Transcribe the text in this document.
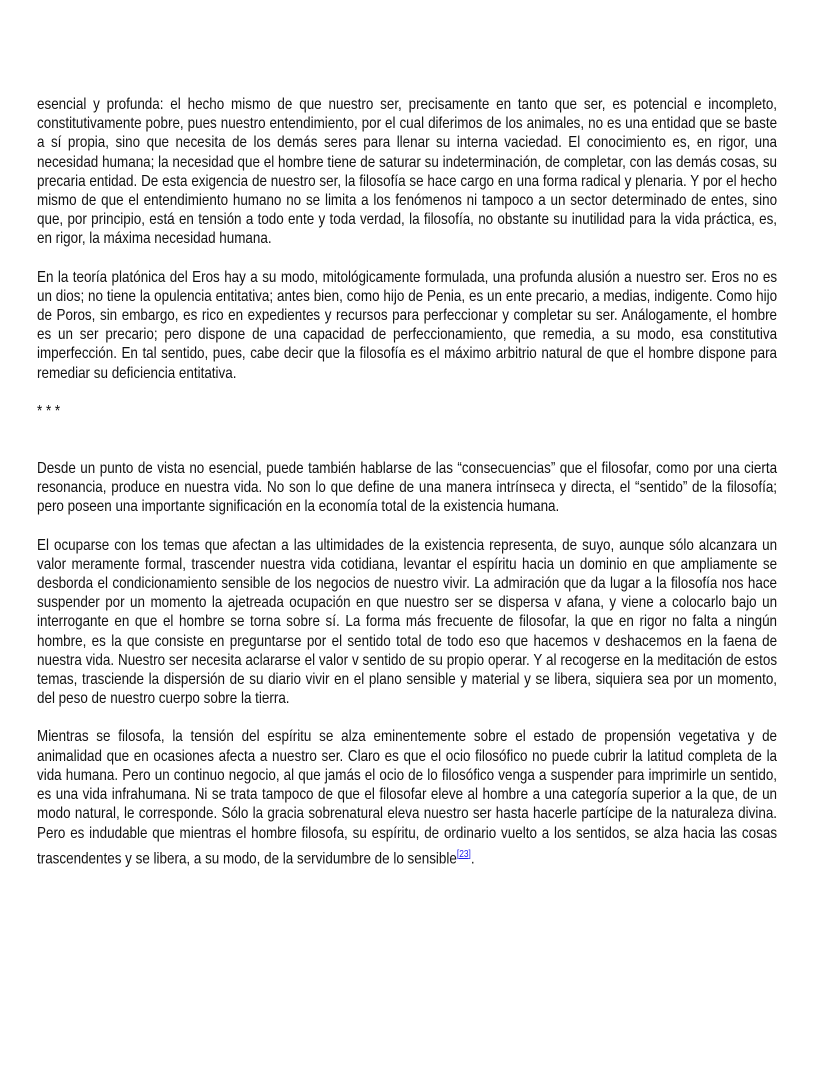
esencial y profunda: el hecho mismo de que nuestro ser, precisamente en tanto que ser, es potencial e incompleto, constitutivamente pobre, pues nuestro entendimiento, por el cual diferimos de los animales, no es una entidad que se baste a sí propia, sino que necesita de los demás seres para llenar su interna vaciedad. El conocimiento es, en rigor, una necesidad humana; la necesidad que el hombre tiene de saturar su indeterminación, de completar, con las demás cosas, su precaria entidad. De esta exigencia de nuestro ser, la filosofía se hace cargo en una forma radical y plenaria. Y por el hecho mismo de que el entendimiento humano no se limita a los fenómenos ni tampoco a un sector determinado de entes, sino que, por principio, está en tensión a todo ente y toda verdad, la filosofía, no obstante su inutilidad para la vida práctica, es, en rigor, la máxima necesidad humana.

En la teoría platónica del Eros hay a su modo, mitológicamente formulada, una profunda alusión a nuestro ser. Eros no es un dios; no tiene la opulencia entitativa; antes bien, como hijo de Penia, es un ente precario, a medias, indigente. Como hijo de Poros, sin embargo, es rico en expedientes y recursos para perfeccionar y completar su ser. Análogamente, el hombre es un ser precario; pero dispone de una capacidad de perfeccionamiento, que remedia, a su modo, esa constitutiva imperfección. En tal sentido, pues, cabe decir que la filosofía es el máximo arbitrio natural de que el hombre dispone para remediar su deficiencia entitativa.

* * *

Desde un punto de vista no esencial, puede también hablarse de las “consecuencias” que el filosofar, como por una cierta resonancia, produce en nuestra vida. No son lo que define de una manera intrínseca y directa, el “sentido” de la filosofía; pero poseen una importante significación en la economía total de la existencia humana.

El ocuparse con los temas que afectan a las ultimidades de la existencia representa, de suyo, aunque sólo alcanzara un valor meramente formal, trascender nuestra vida cotidiana, levantar el espíritu hacia un dominio en que ampliamente se desborda el condicionamiento sensible de los negocios de nuestro vivir. La admiración que da lugar a la filosofía nos hace suspender por un momento la ajetreada ocupación en que nuestro ser se dispersa v afana, y viene a colocarlo bajo un interrogante en que el hombre se torna sobre sí. La forma más frecuente de filosofar, la que en rigor no falta a ningún hombre, es la que consiste en preguntarse por el sentido total de todo eso que hacemos v deshacemos en la faena de nuestra vida. Nuestro ser necesita aclararse el valor v sentido de su propio operar. Y al recogerse en la meditación de estos temas, trasciende la dispersión de su diario vivir en el plano sensible y material y se libera, siquiera sea por un momento, del peso de nuestro cuerpo sobre la tierra.

Mientras se filosofa, la tensión del espíritu se alza eminentemente sobre el estado de propensión vegetativa y de animalidad que en ocasiones afecta a nuestro ser. Claro es que el ocio filosófico no puede cubrir la latitud completa de la vida humana. Pero un continuo negocio, al que jamás el ocio de lo filosófico venga a suspender para imprimirle un sentido, es una vida infrahumana. Ni se trata tampoco de que el filosofar eleve al hombre a una categoría superior a la que, de un modo natural, le corresponde. Sólo la gracia sobrenatural eleva nuestro ser hasta hacerle partícipe de la naturaleza divina. Pero es indudable que mientras el hombre filosofa, su espíritu, de ordinario vuelto a los sentidos, se alza hacia las cosas trascendentes y se libera, a su modo, de la servidumbre de lo sensible[23].
